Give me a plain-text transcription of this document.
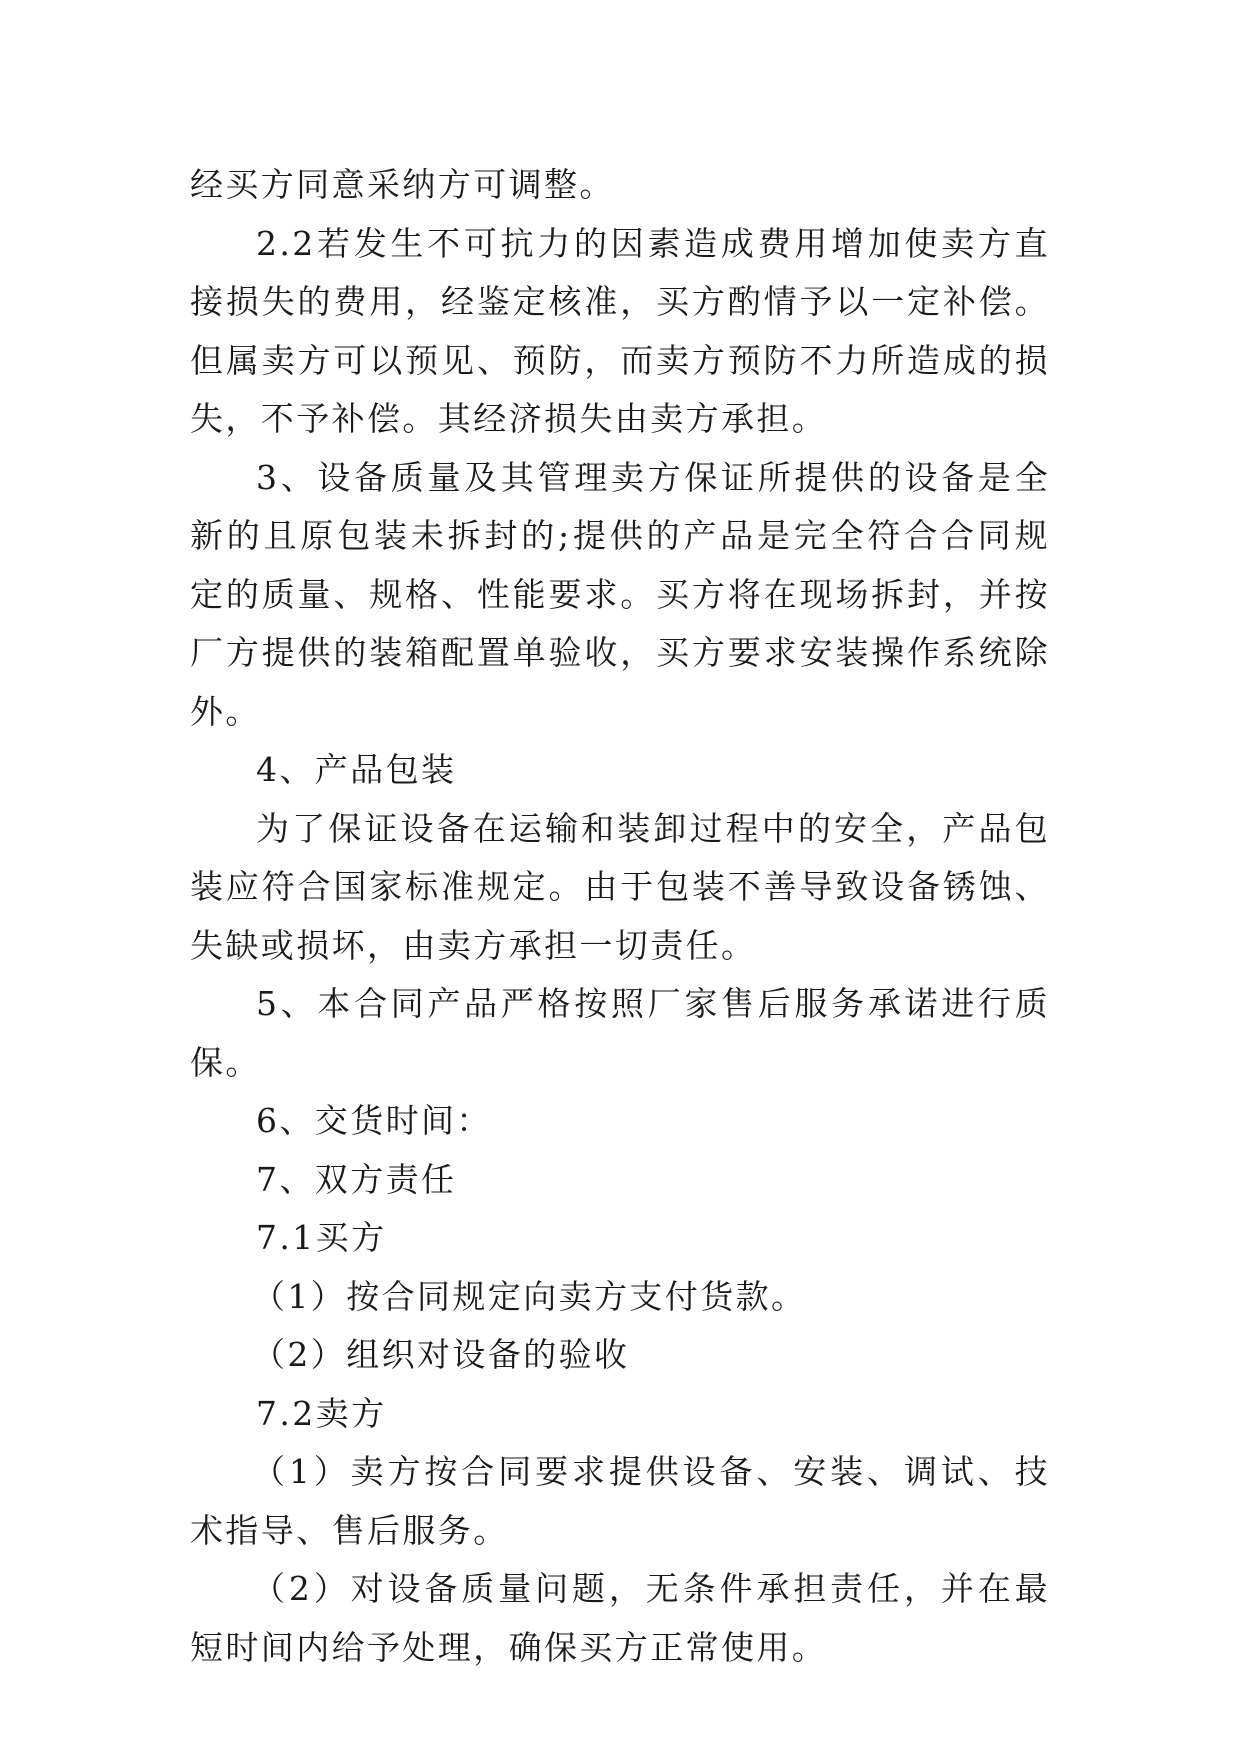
经买方同意采纳方可调整。

2.2若发生不可抗力的因素造成费用增加使卖方直接损失的费用，经鉴定核准，买方酌情予以一定补偿。但属卖方可以预见、预防，而卖方预防不力所造成的损失，不予补偿。其经济损失由卖方承担。

3、设备质量及其管理卖方保证所提供的设备是全新的且原包装未拆封的;提供的产品是完全符合合同规定的质量、规格、性能要求。买方将在现场拆封，并按厂方提供的装箱配置单验收，买方要求安装操作系统除外。

4、产品包装

为了保证设备在运输和装卸过程中的安全，产品包装应符合国家标准规定。由于包装不善导致设备锈蚀、失缺或损坏，由卖方承担一切责任。

5、本合同产品严格按照厂家售后服务承诺进行质保。

6、交货时间：

7、双方责任

7.1买方

（1）按合同规定向卖方支付货款。

（2）组织对设备的验收

7.2卖方

（1）卖方按合同要求提供设备、安装、调试、技术指导、售后服务。

（2）对设备质量问题，无条件承担责任，并在最短时间内给予处理，确保买方正常使用。
